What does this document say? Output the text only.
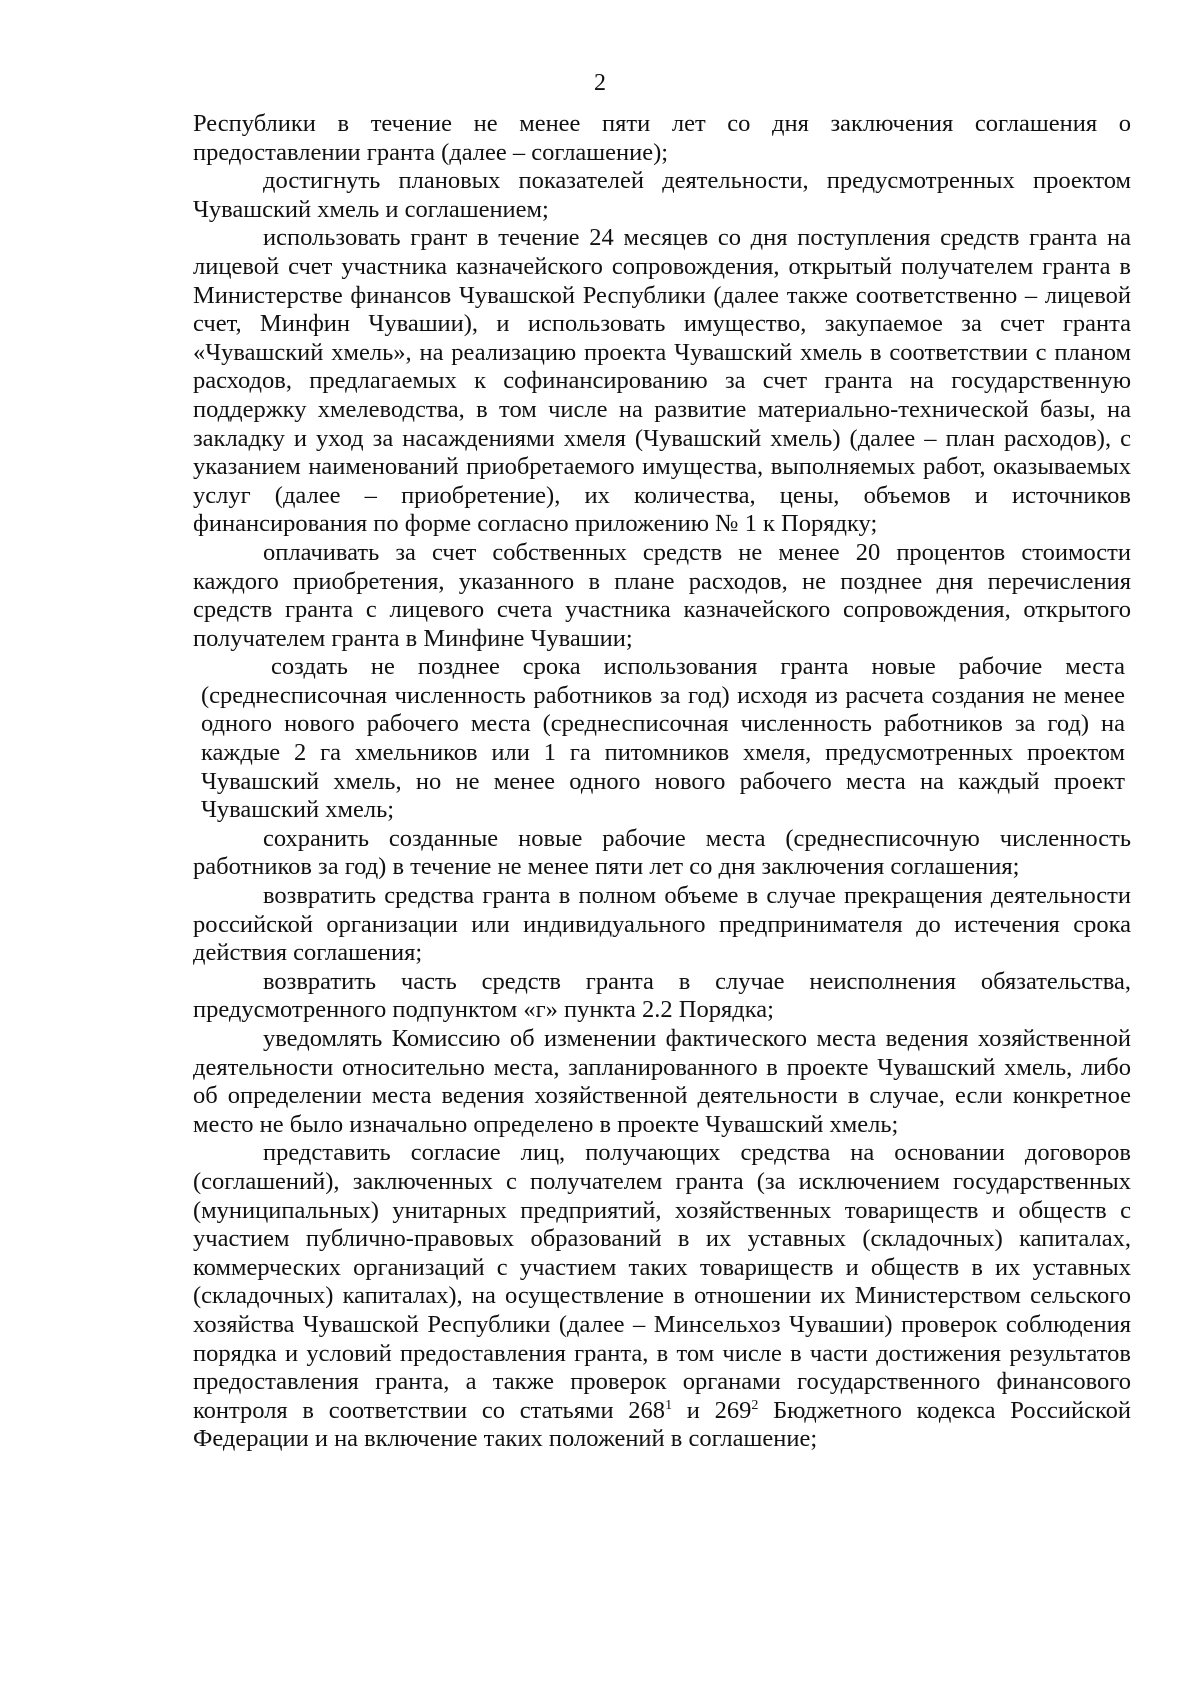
2

Республики в течение не менее пяти лет со дня заключения соглашения о предоставлении гранта (далее – соглашение);

достигнуть плановых показателей деятельности, предусмотренных проектом Чувашский хмель и соглашением;

использовать грант в течение 24 месяцев со дня поступления средств гранта на лицевой счет участника казначейского сопровождения, открытый получателем гранта в Министерстве финансов Чувашской Республики (далее также соответственно – лицевой счет, Минфин Чувашии), и использовать имущество, закупаемое за счет гранта «Чувашский хмель», на реализацию проекта Чувашский хмель в соответствии с планом расходов, предлагаемых к софинансированию за счет гранта на государственную поддержку хмелеводства, в том числе на развитие материально-технической базы, на закладку и уход за насаждениями хмеля (Чувашский хмель) (далее – план расходов), с указанием наименований приобретаемого имущества, выполняемых работ, оказываемых услуг (далее – приобретение), их количества, цены, объемов и источников финансирования по форме согласно приложению № 1 к Порядку;

оплачивать за счет собственных средств не менее 20 процентов стоимости каждого приобретения, указанного в плане расходов, не позднее дня перечисления средств гранта с лицевого счета участника казначейского сопровождения, открытого получателем гранта в Минфине Чувашии;

создать не позднее срока использования гранта новые рабочие места (среднесписочная численность работников за год) исходя из расчета создания не менее одного нового рабочего места (среднесписочная численность работников за год) на каждые 2 га хмельников или 1 га питомников хмеля, предусмотренных проектом Чувашский хмель, но не менее одного нового рабочего места на каждый проект Чувашский хмель;

сохранить созданные новые рабочие места (среднесписочную численность работников за год) в течение не менее пяти лет со дня заключения соглашения;

возвратить средства гранта в полном объеме в случае прекращения деятельности российской организации или индивидуального предпринимателя до истечения срока действия соглашения;

возвратить часть средств гранта в случае неисполнения обязательства, предусмотренного подпунктом «г» пункта 2.2 Порядка;

уведомлять Комиссию об изменении фактического места ведения хозяйственной деятельности относительно места, запланированного в проекте Чувашский хмель, либо об определении места ведения хозяйственной деятельности в случае, если конкретное место не было изначально определено в проекте Чувашский хмель;

представить согласие лиц, получающих средства на основании договоров (соглашений), заключенных с получателем гранта (за исключением государственных (муниципальных) унитарных предприятий, хозяйственных товариществ и обществ с участием публично-правовых образований в их уставных (складочных) капиталах, коммерческих организаций с участием таких товариществ и обществ в их уставных (складочных) капиталах), на осуществление в отношении их Министерством сельского хозяйства Чувашской Республики (далее – Минсельхоз Чувашии) проверок соблюдения порядка и условий предоставления гранта, в том числе в части достижения результатов предоставления гранта, а также проверок органами государственного финансового контроля в соответствии со статьями $268^1$ и $269^2$ Бюджетного кодекса Российской Федерации и на включение таких положений в соглашение;
